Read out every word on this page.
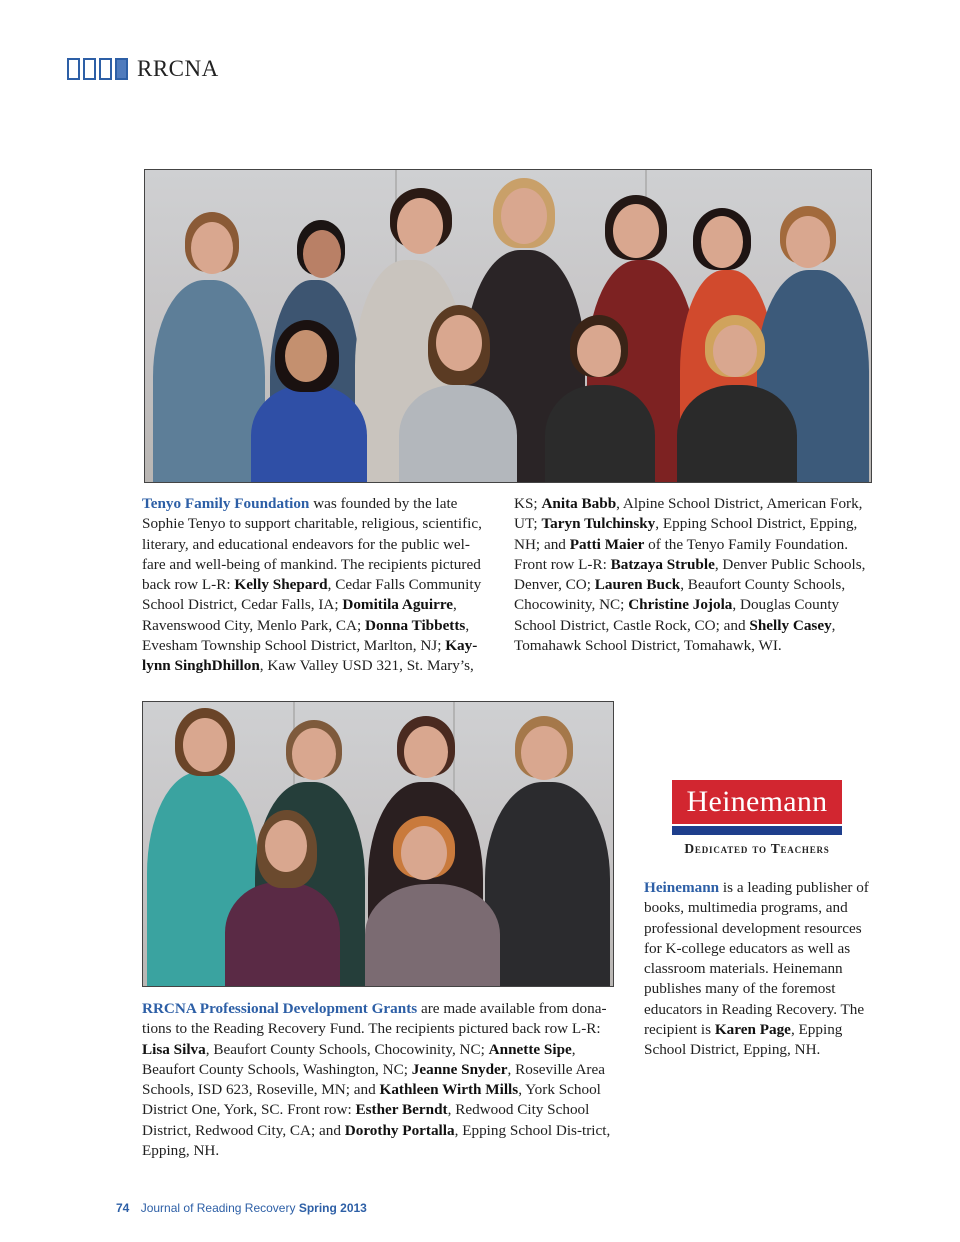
RRCNA

Tenyo Family Foundation was founded by the late Sophie Tenyo to support charitable, religious, scientific, literary, and educational endeavors for the public wel-fare and well-being of mankind. The recipients pictured back row L-R: Kelly Shepard, Cedar Falls Community School District, Cedar Falls, IA; Domitila Aguirre, Ravenswood City, Menlo Park, CA; Donna Tibbetts, Evesham Township School District, Marlton, NJ; Kay-lynn SinghDhillon, Kaw Valley USD 321, St. Mary’s,

KS; Anita Babb, Alpine School District, American Fork, UT; Taryn Tulchinsky, Epping School District, Epping, NH; and Patti Maier of the Tenyo Family Foundation. Front row L-R: Batzaya Struble, Denver Public Schools, Denver, CO; Lauren Buck, Beaufort County Schools, Chocowinity, NC; Christine Jojola, Douglas County School District, Castle Rock, CO; and Shelly Casey, Tomahawk School District, Tomahawk, WI.

RRCNA Professional Development Grants are made available from dona-tions to the Reading Recovery Fund. The recipients pictured back row L-R: Lisa Silva, Beaufort County Schools, Chocowinity, NC; Annette Sipe, Beaufort County Schools, Washington, NC; Jeanne Snyder, Roseville Area Schools, ISD 623, Roseville, MN; and Kathleen Wirth Mills, York School District One, York, SC. Front row: Esther Berndt, Redwood City School District, Redwood City, CA; and Dorothy Portalla, Epping School Dis-trict, Epping, NH.

Heinemann
Dedicated to Teachers

Heinemann is a leading publisher of books, multimedia programs, and professional development resources for K-college educators as well as classroom materials. Heinemann publishes many of the foremost educators in Reading Recovery. The recipient is Karen Page, Epping School District, Epping, NH.

74 Journal of Reading Recovery Spring 2013
